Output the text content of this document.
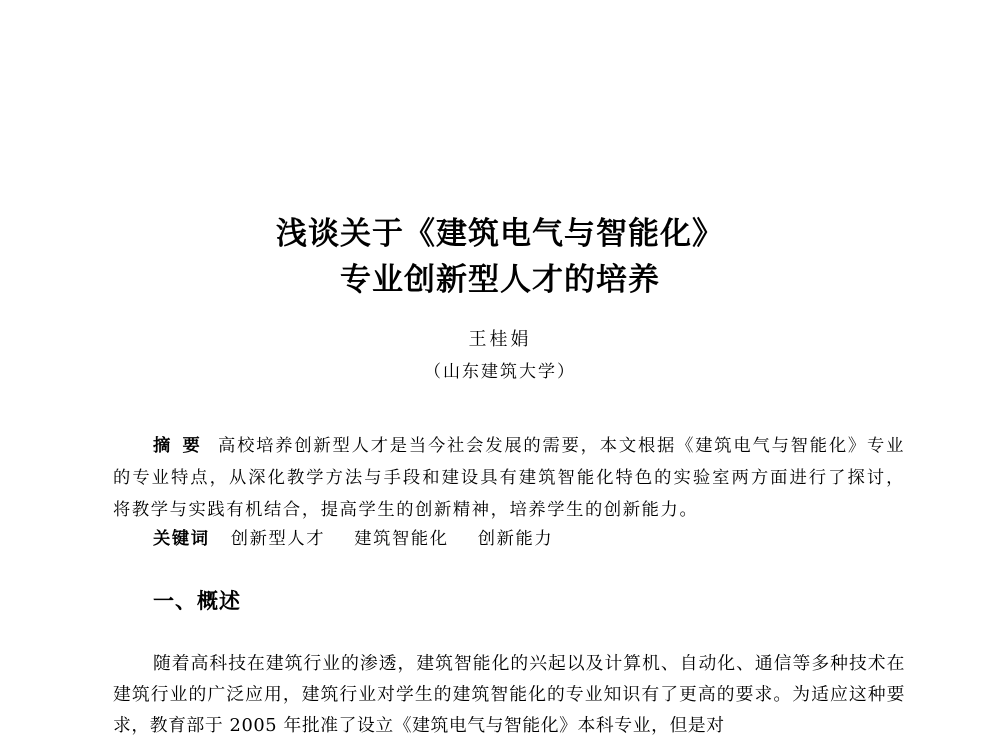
浅谈关于《建筑电气与智能化》
专业创新型人才的培养
王桂娟
（山东建筑大学）
摘要 高校培养创新型人才是当今社会发展的需要，本文根据《建筑电气与智能化》专业的专业特点，从深化教学方法与手段和建设具有建筑智能化特色的实验室两方面进行了探讨，将教学与实践有机结合，提高学生的创新精神，培养学生的创新能力。
关键词 创新型人才 建筑智能化 创新能力
一、概述
随着高科技在建筑行业的渗透，建筑智能化的兴起以及计算机、自动化、通信等多种技术在建筑行业的广泛应用，建筑行业对学生的建筑智能化的专业知识有了更高的要求。为适应这种要求，教育部于 2005 年批准了设立《建筑电气与智能化》本科专业，但是对
